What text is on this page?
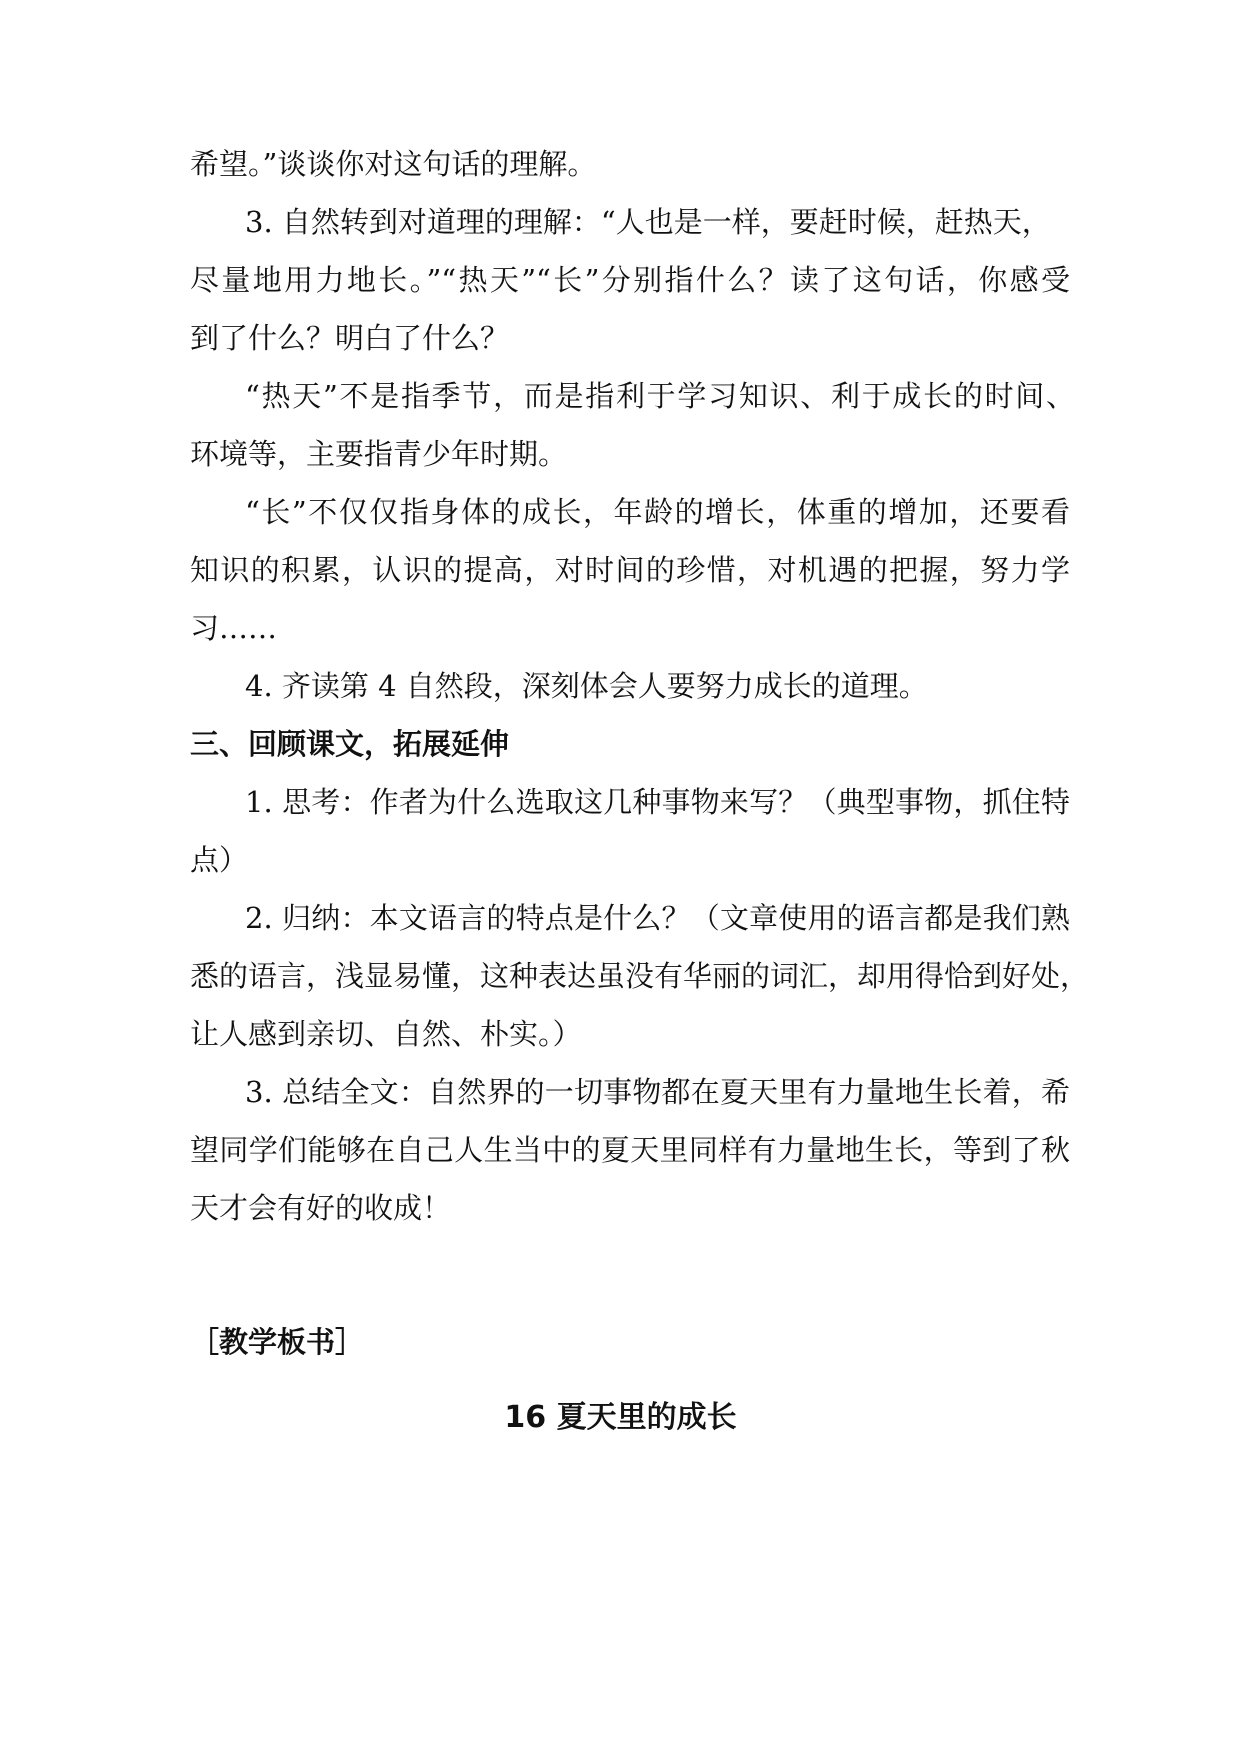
希望。”谈谈你对这句话的理解。
3. 自然转到对道理的理解：“人也是一样，要赶时候，赶热天，
尽量地用力地长。”“热天”“长”分别指什么？读了这句话，你感受
到了什么？明白了什么？
“热天”不是指季节，而是指利于学习知识、利于成长的时间、
环境等，主要指青少年时期。
“长”不仅仅指身体的成长，年龄的增长，体重的增加，还要看
知识的积累，认识的提高，对时间的珍惜，对机遇的把握，努力学
习……
4. 齐读第 4 自然段，深刻体会人要努力成长的道理。
三、回顾课文，拓展延伸
1. 思考：作者为什么选取这几种事物来写？（典型事物，抓住特
点）
2. 归纳：本文语言的特点是什么？（文章使用的语言都是我们熟
悉的语言，浅显易懂，这种表达虽没有华丽的词汇，却用得恰到好处，
让人感到亲切、自然、朴实。）
3. 总结全文：自然界的一切事物都在夏天里有力量地生长着，希
望同学们能够在自己人生当中的夏天里同样有力量地生长，等到了秋
天才会有好的收成！
［教学板书］
16 夏天里的成长
